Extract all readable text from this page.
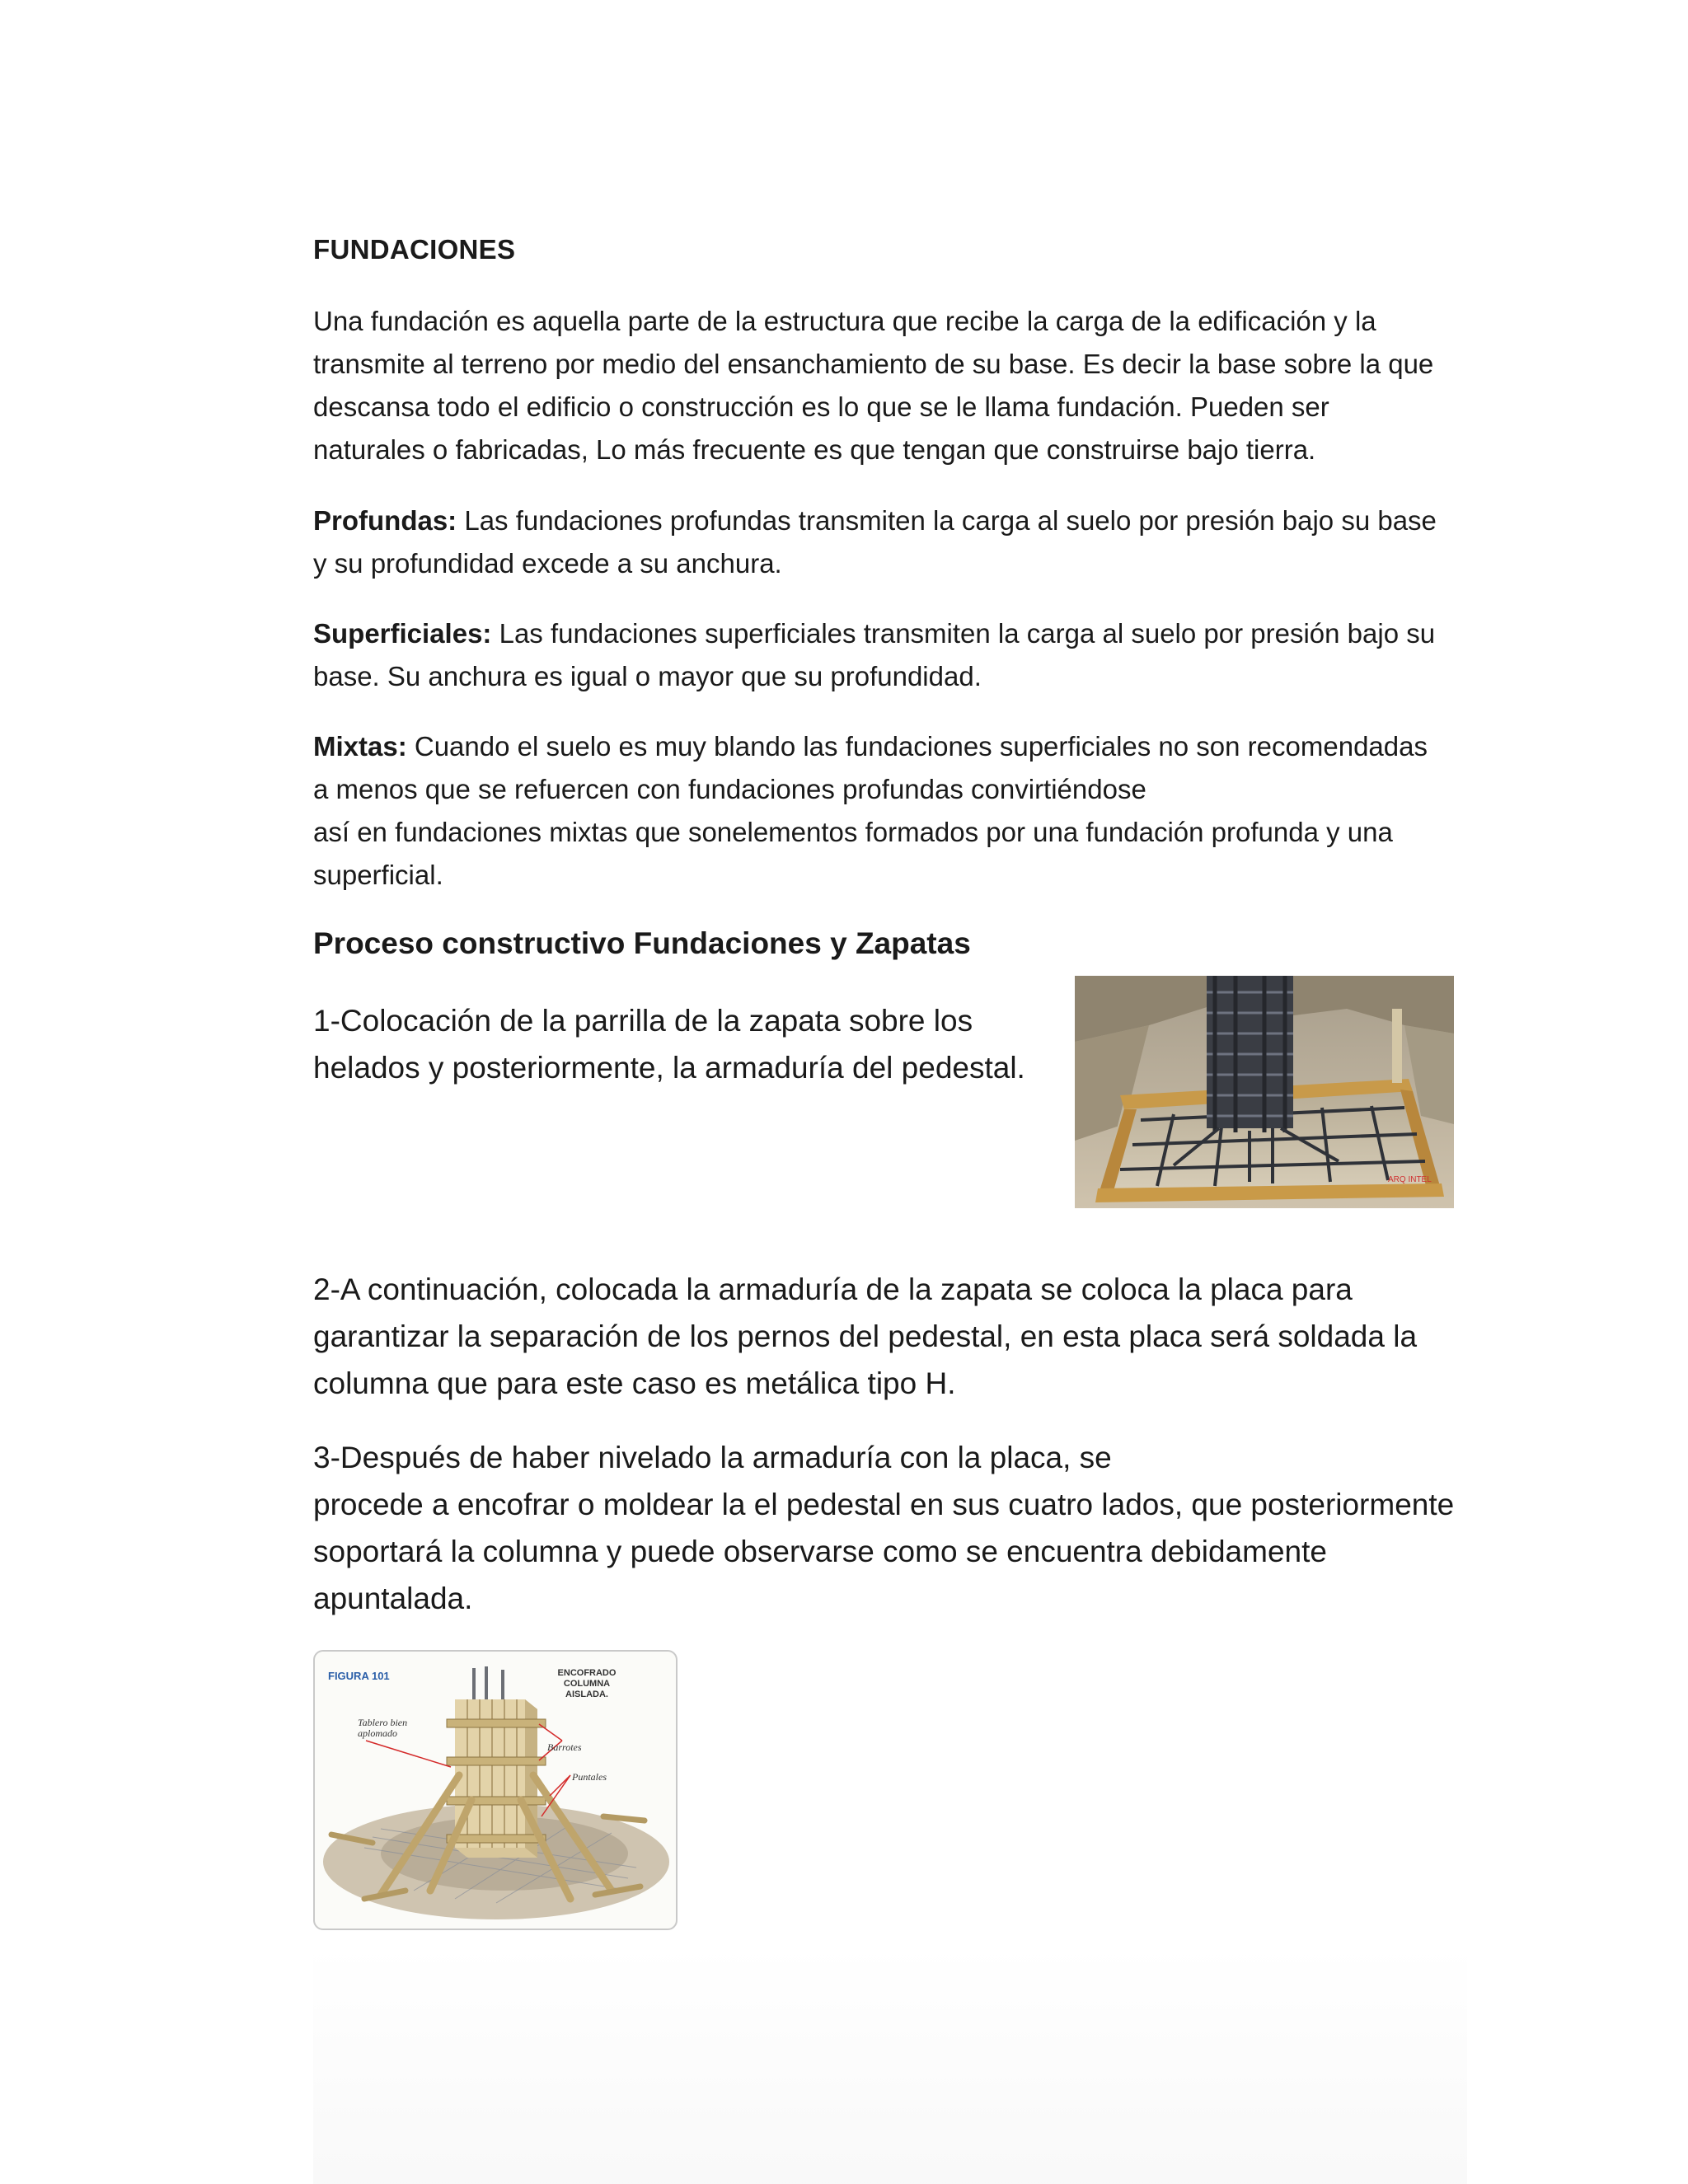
FUNDACIONES
Una fundación es aquella parte de la estructura que recibe la carga de la edificación y la
transmite al terreno por medio del ensanchamiento de su base. Es decir la base sobre la que
descansa todo el edificio o construcción es lo que se le llama fundación. Pueden ser
naturales o fabricadas, Lo más frecuente es que tengan que construirse bajo tierra.
Profundas: Las fundaciones profundas transmiten la carga al suelo por presión bajo su base
y su profundidad excede a su anchura.
Superficiales: Las fundaciones superficiales transmiten la carga al suelo por presión bajo su
base. Su anchura es igual o mayor que su profundidad.
Mixtas: Cuando el suelo es muy blando las fundaciones superficiales no son recomendadas
a menos que se refuercen con fundaciones profundas convirtiéndose
así en fundaciones mixtas que sonelementos formados por una fundación profunda y una
superficial.
Proceso constructivo Fundaciones y Zapatas
1-Colocación de la parrilla de la zapata sobre los
helados y posteriormente, la armaduría del pedestal.
ARQ INTEL
2-A continuación, colocada la armaduría de la zapata se coloca la placa para
garantizar la separación de los pernos del pedestal, en esta placa será soldada la
columna que para este caso es metálica tipo H.
3-Después de haber nivelado la armaduría con la placa, se
procede a encofrar o moldear la el pedestal en sus cuatro lados, que posteriormente
soportará la columna y puede observarse como se encuentra debidamente
apuntalada.
FIGURA 101	ENCOFRADO
COLUMNA
AISLADA.
Tablero bien
aplomado
Barrotes
Puntales
